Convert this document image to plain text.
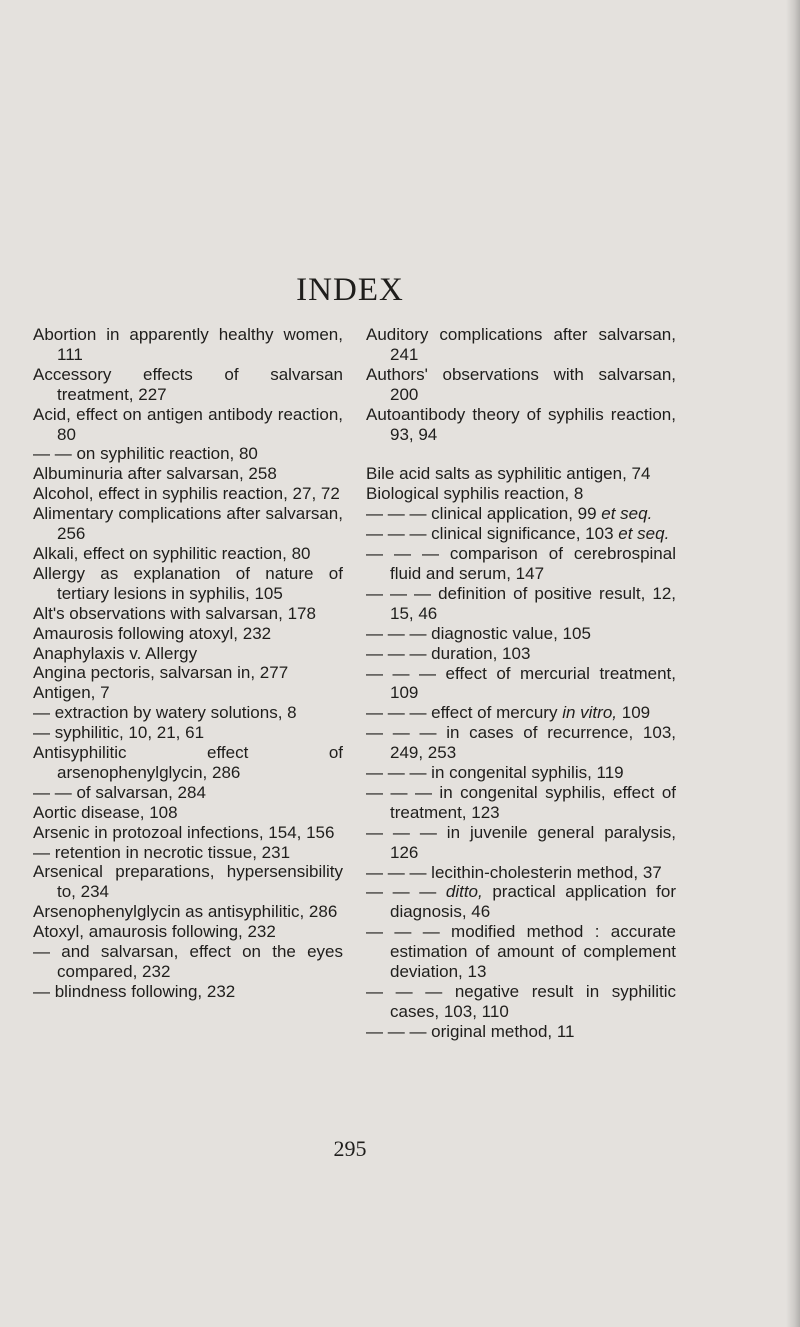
INDEX

Abortion in apparently healthy women, 111

Accessory effects of salvarsan treatment, 227

Acid, effect on antigen antibody reaction, 80

— — on syphilitic reaction, 80

Albuminuria after salvarsan, 258

Alcohol, effect in syphilis reaction, 27, 72

Alimentary complications after salvarsan, 256

Alkali, effect on syphilitic reaction, 80

Allergy as explanation of nature of tertiary lesions in syphilis, 105

Alt's observations with salvarsan, 178

Amaurosis following atoxyl, 232

Anaphylaxis v. Allergy

Angina pectoris, salvarsan in, 277

Antigen, 7

— extraction by watery solutions, 8

— syphilitic, 10, 21, 61

Antisyphilitic effect of arsenophenylglycin, 286

— — of salvarsan, 284

Aortic disease, 108

Arsenic in protozoal infections, 154, 156

— retention in necrotic tissue, 231

Arsenical preparations, hypersensibility to, 234

Arsenophenylglycin as antisyphilitic, 286

Atoxyl, amaurosis following, 232

— and salvarsan, effect on the eyes compared, 232

— blindness following, 232

Auditory complications after salvarsan, 241

Authors' observations with salvarsan, 200

Autoantibody theory of syphilis reaction, 93, 94

Bile acid salts as syphilitic antigen, 74

Biological syphilis reaction, 8

— — — clinical application, 99 et seq.

— — — clinical significance, 103 et seq.

— — — comparison of cerebrospinal fluid and serum, 147

— — — definition of positive result, 12, 15, 46

— — — diagnostic value, 105

— — — duration, 103

— — — effect of mercurial treatment, 109

— — — effect of mercury in vitro, 109

— — — in cases of recurrence, 103, 249, 253

— — — in congenital syphilis, 119

— — — in congenital syphilis, effect of treatment, 123

— — — in juvenile general paralysis, 126

— — — lecithin-cholesterin method, 37

— — — ditto, practical application for diagnosis, 46

— — — modified method : accurate estimation of amount of complement deviation, 13

— — — negative result in syphilitic cases, 103, 110

— — — original method, 11

295
